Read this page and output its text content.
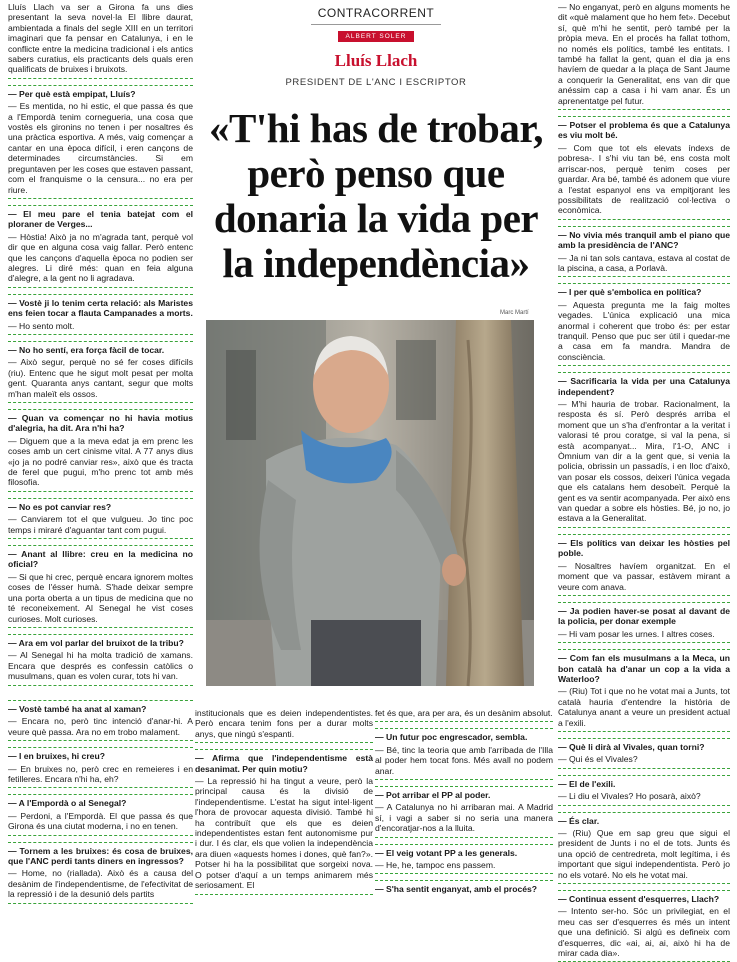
Lluís Llach va ser a Girona fa uns dies presentant la seva novel·la El llibre daurat, ambientada a finals del segle XIII en un territori imaginari que fa pensar en Catalunya, i en le conflicte entre la medicina tradicional i els antics sabers curatius, els practicants dels quals eren qualificats de bruixes i bruixots.

— Per què està empipat, Lluís?

— Es mentida, no hi estic, el que passa és que a l'Empordà tenim cornegueria, una cosa que vostès els gironins no tenen i per nosaltres és una pràctica esportiva. A més, vaig començar a cantar en una època difícil, i eren cançons de determinades circumstàncies. Si em preguntaven per les coses que estaven passant, com el franquisme o la censura... no era per riure.

— El meu pare el tenia batejat com el ploraner de Verges...

— Hòstia! Això ja no m'agrada tant, perquè vol dir que en alguna cosa vaig fallar. Però entenc que les cançons d'aquella època no podien ser alegres. Li diré més: quan en feia alguna d'alegre, a la gent no li agradava.

— Vostè ji lo tenim certa relació: als Maristes ens feien tocar a flauta Campanades a morts.

— Ho sento molt.

— No ho sentí, era força fàcil de tocar.

— Això segur, perquè no sé fer coses difícils (riu). Entenc que he sigut molt pesat per molta gent. Quaranta anys cantant, segur que molts m'han maleït els ossos.

— Quan va començar no hi havia motius d'alegria, ha dit. Ara n'hi ha?

— Diguem que a la meva edat ja em prenc les coses amb un cert cinisme vital. A 77 anys dius «jo ja no podré canviar res», això que és tracta de ferel que pugui, m'ho prenc tot amb més filosofia.

— No es pot canviar res?

— Canviarem tot el que vulgueu. Jo tinc poc temps i miraré d'aguantar tant com pugui.

— Anant al llibre: creu en la medicina no oficial?

— Si que hi crec, perquè encara ignorem moltes coses de l'ésser humà. S'hade deixar sempre una porta oberta a un tipus de medicina que no té reconeixement. Al Senegal he vist coses curioses. Molt curioses.

— Ara em vol parlar del bruixot de la tribu?

— Al Senegal hi ha molta tradició de xamans. Encara que després es confessin catòlics o musulmans, quan es volen curar, tots hi van.

— Vostè també ha anat al xaman?

— Encara no, però tinc intenció d'anar-hi. A veure què passa. Ara no em trobo malament.

— I en bruixes, hi creu?

— En bruixes no, però crec en remeieres i en fetilleres. Encara n'hi ha, eh?

— A l'Empordà o al Senegal?

— Perdoni, a l'Empordà. El que passa és que Girona és una ciutat moderna, i no en tenen.

— Tornem a les bruixes: és cosa de bruixes, que l'ANC perdi tants diners en ingressos?

— Home, no (riallada). Això és a causa del desànim de l'independentisme, de l'efectivitat de la repressió i de la desunió dels partits

institucionals que es deien independentistes. Però encara tenim fons per a durar molts anys, que ningú s'espanti.

— Afirma que l'independentisme està desanimat. Per quin motiu?

— La repressió hi ha tingut a veure, però la principal causa és la divisió de l'independentisme. L'estat ha sigut intel·ligent l'hora de provocar aquesta divisió. També hi ha contribuït que els que es deien independentistes estan fent autonomisme pur i dur. I és clar, els que volien la independència ara diuen «aquests homes i dones, què fan?». Potser hi ha la possibilitat que sorgeixi nova. O potser d'aquí a un temps animarem més seriosament. El

fet és que, ara per ara, és un desànim absolut.

— Un futur poc engrescador, sembla.

— Bé, tinc la teoria que amb l'arribada de l'Illa al poder hem tocat fons. Més avall no podem anar.

— Pot arribar el PP al poder.

— A Catalunya no hi arribaran mai. A Madrid sí, i vagi a saber si no seria una manera d'encoratjar-nos a la lluita.

— El veig votant PP a les generals.

— He, he, tampoc ens passem.

— S'ha sentit enganyat, amb el procés?

— No enganyat, però en alguns moments he dit «què malament que ho hem fet». Decebut sí, què m'hi he sentit, però també per la pròpia meva. En el procés ha fallat tothom, no només els polítics, també les entitats. I també ha fallat la gent, quan el dia ja ens havíem de quedar a la plaça de Sant Jaume a conquerir la Generalitat, ens van dir que anéssim cap a casa i hi vam anar. És un aprenentatge pel futur.

— Potser el problema és que a Catalunya es viu molt bé.

— Com que tot els elevats índexs de pobresa-. I s'hi viu tan bé, ens costa molt arriscar-nos, perquè tenim coses per guardar. Ara bé, també és adonem que viure a l'estat espanyol ens va empitjorant les possibilitats de realització col·lectiva o econòmica.

— No vivia més tranquil amb el piano que amb la presidència de l'ANC?

— Ja ni tan sols cantava, estava al costat de la piscina, a casa, a Porlavà.

— I per què s'embolica en política?

— Aquesta pregunta me la faig moltes vegades. L'única explicació una mica anormal i coherent que trobo és: per estar tranquil. Penso que puc ser útil i quedar-me a casa em fa mandra. Mandra de consciència.

— Sacrificaria la vida per una Catalunya independent?

— M'hi hauria de trobar. Racionalment, la resposta és sí. Però després arriba el moment que un s'ha d'enfrontar a la veritat i valorasi té prou coratge, si val la pena, si està acompanyat... Mira, l'1-O, ANC i Òmnium van dir a la gent que, si venia la policia, obrissin un passadís, i en lloc d'això, van posar els cossos, deixeri l'única vegada que els catalans hem desobeït. Perquè la gent es va sentir acompanyada. Per això ens van quedar a sobre els hòsties. Bé, jo no, jo estava a la Generalitat.

— Els polítics van deixar les hòsties pel poble.

— Nosaltres havíem organitzat. En el moment que va passar, estàvem mirant a veure com anava.

— Ja podien haver-se posat al davant de la policia, per donar exemple

— Hi vam posar les urnes. I altres coses.

— Com fan els musulmans a la Meca, un bon català ha d'anar un cop a la vida a Waterloo?

— (Riu) Tot i que no he votat mai a Junts, tot català hauria d'entendre la història de Catalunya anant a veure un president actual a l'exili.

— Què li dirà al Vivales, quan torni?

— Qui és el Vivales?

— El de l'exili.

— Li diu el Vivales? Ho posarà, això?

— És clar.

— (Riu) Que em sap greu que sigui el president de Junts i no el de tots. Junts és una opció de centredreta, molt legítima, i és important que sigui independentista. Però jo no els votaré. No els he votat mai.

— Continua essent d'esquerres, Llach?

— Intento ser-ho. Sóc un privilegiat, en el meu cas ser d'esquerres és més un intent que una definició. Si algú es defineix com d'esquerres, dic «ai, ai, ai, això hi ha de mirar cada dia».

CONTRACORRENT
ALBERT SOLER
Lluís Llach
PRESIDENT DE L'ANC I ESCRIPTOR
«T'hi has de trobar, però penso que donaria la vida per la independència»
Marc Martí
